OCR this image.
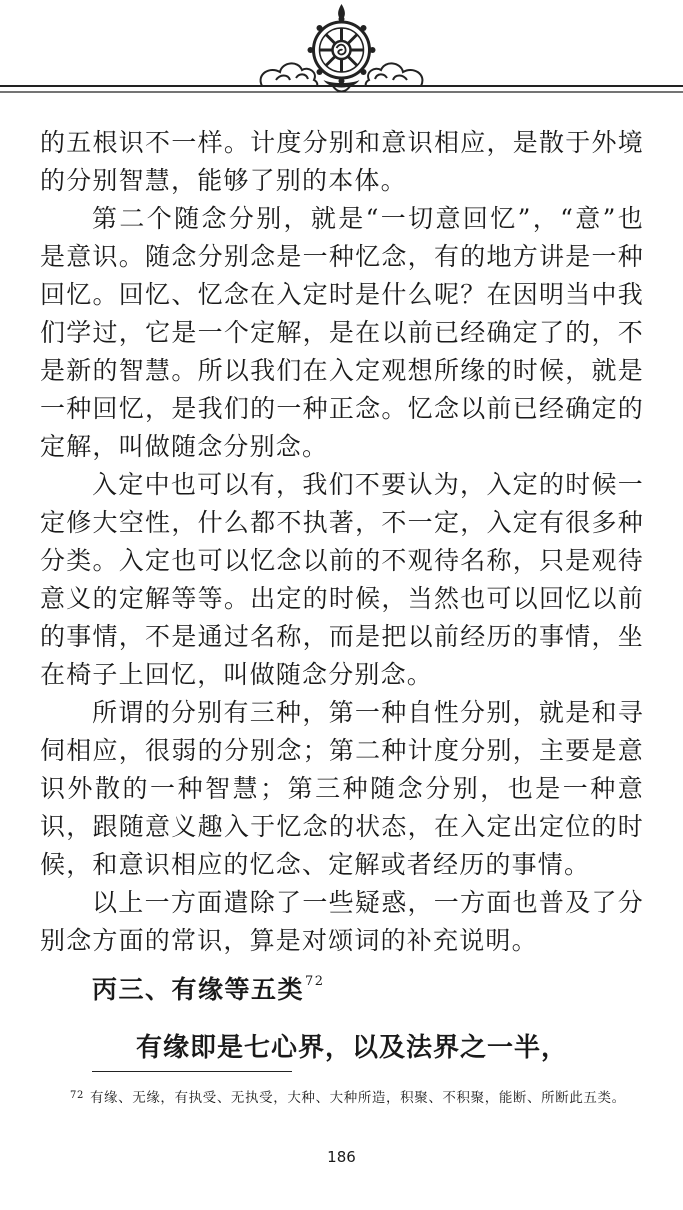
的五根识不一样。计度分别和意识相应，是散于外境的分别智慧，能够了别的本体。

第二个随念分别，就是“一切意回忆”，“意”也是意识。随念分别念是一种忆念，有的地方讲是一种回忆。回忆、忆念在入定时是什么呢？在因明当中我们学过，它是一个定解，是在以前已经确定了的，不是新的智慧。所以我们在入定观想所缘的时候，就是一种回忆，是我们的一种正念。忆念以前已经确定的定解，叫做随念分别念。

入定中也可以有，我们不要认为，入定的时候一定修大空性，什么都不执著，不一定，入定有很多种分类。入定也可以忆念以前的不观待名称，只是观待意义的定解等等。出定的时候，当然也可以回忆以前的事情，不是通过名称，而是把以前经历的事情，坐在椅子上回忆，叫做随念分别念。

所谓的分别有三种，第一种自性分别，就是和寻伺相应，很弱的分别念；第二种计度分别，主要是意识外散的一种智慧；第三种随念分别，也是一种意识，跟随意义趣入于忆念的状态，在入定出定位的时候，和意识相应的忆念、定解或者经历的事情。

以上一方面遣除了一些疑惑，一方面也普及了分别念方面的常识，算是对颂词的补充说明。

丙三、有缘等五类$^{72}$

有缘即是七心界，以及法界之一半，

$^{72}$ 有缘、无缘，有执受、无执受，大种、大种所造，积聚、不积聚，能断、所断此五类。

186
